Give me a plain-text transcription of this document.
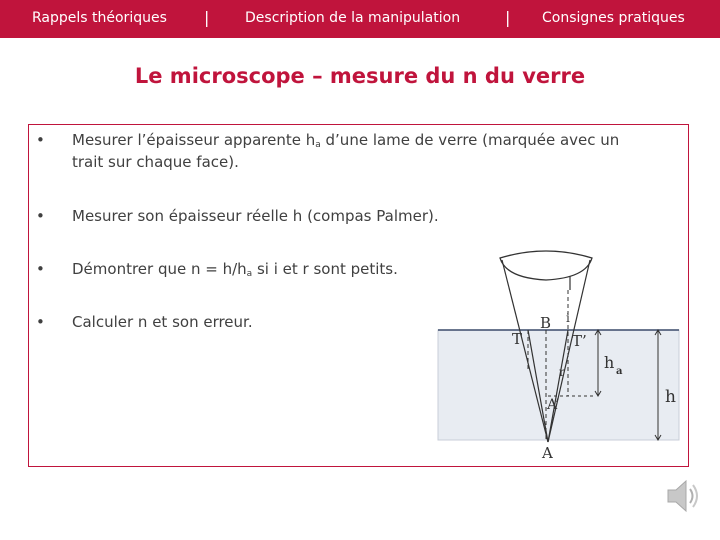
Rappels théoriques |	Description de la manipulation	| Consignes pratiques
Le microscope – mesure du n du verre
• Mesurer l’épaisseur apparente $h_a$ d’une lame de verre (marquée avec un
trait sur chaque face).
• Mesurer son épaisseur réelle h (compas Palmer).
• Démontrer que $n = h/h_a$ si i et r sont petits.
• Calculer n et son erreur.
T
B
T’
i
r h a
h
A’
A
